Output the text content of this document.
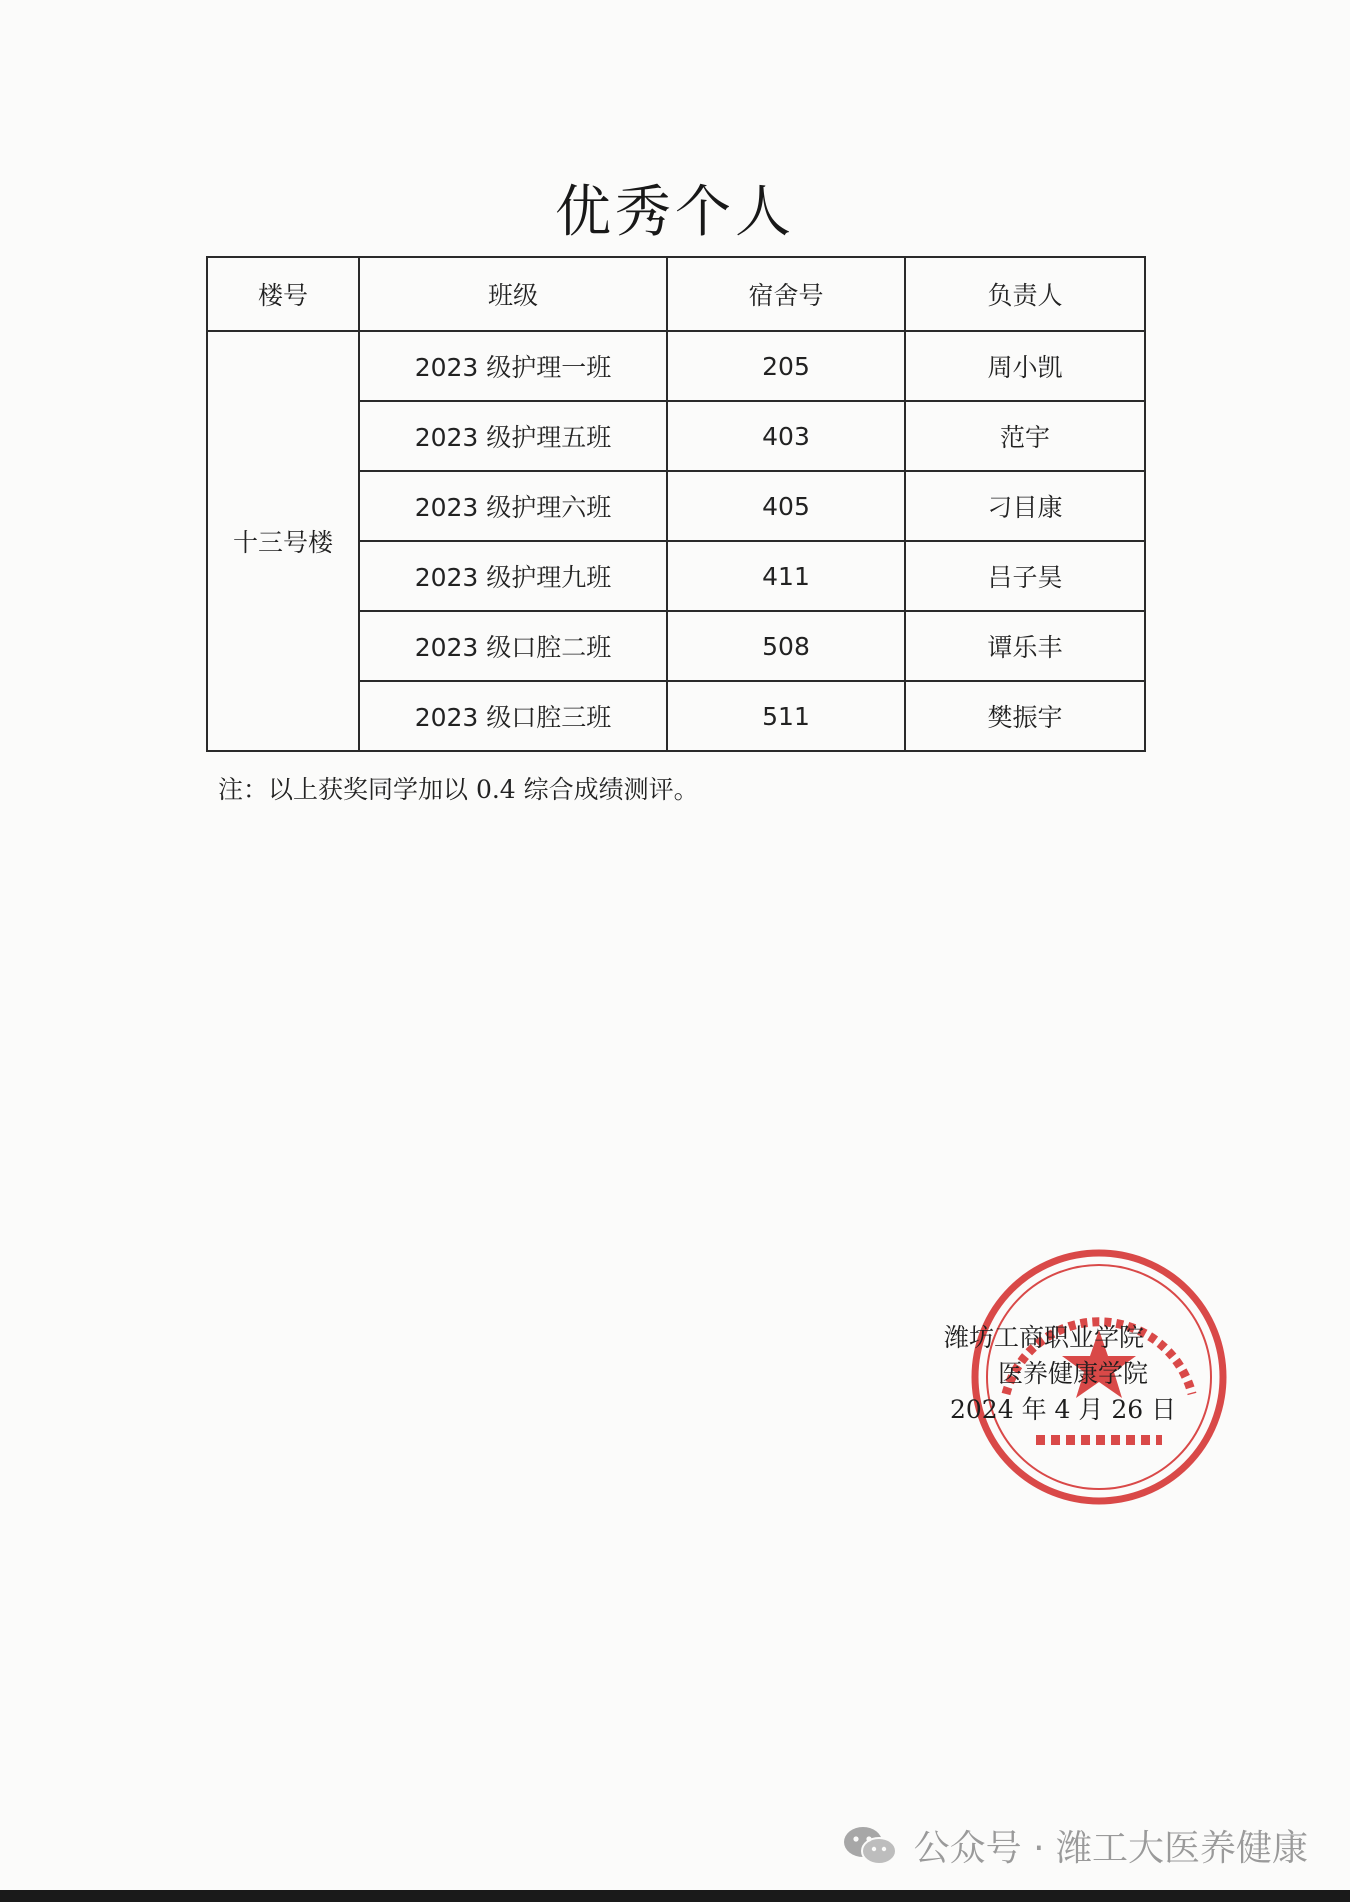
优秀个人
楼号	班级	宿舍号	负责人
十三号楼	2023 级护理一班	205	周小凯
	2023 级护理五班	403	范宇
	2023 级护理六班	405	刁目康
	2023 级护理九班	411	吕子昊
	2023 级口腔二班	508	谭乐丰
	2023 级口腔三班	511	樊振宇
注：以上获奖同学加以 0.4 综合成绩测评。
潍坊工商职业学院
医养健康学院
2024 年 4 月 26 日
公众号 · 潍工大医养健康
